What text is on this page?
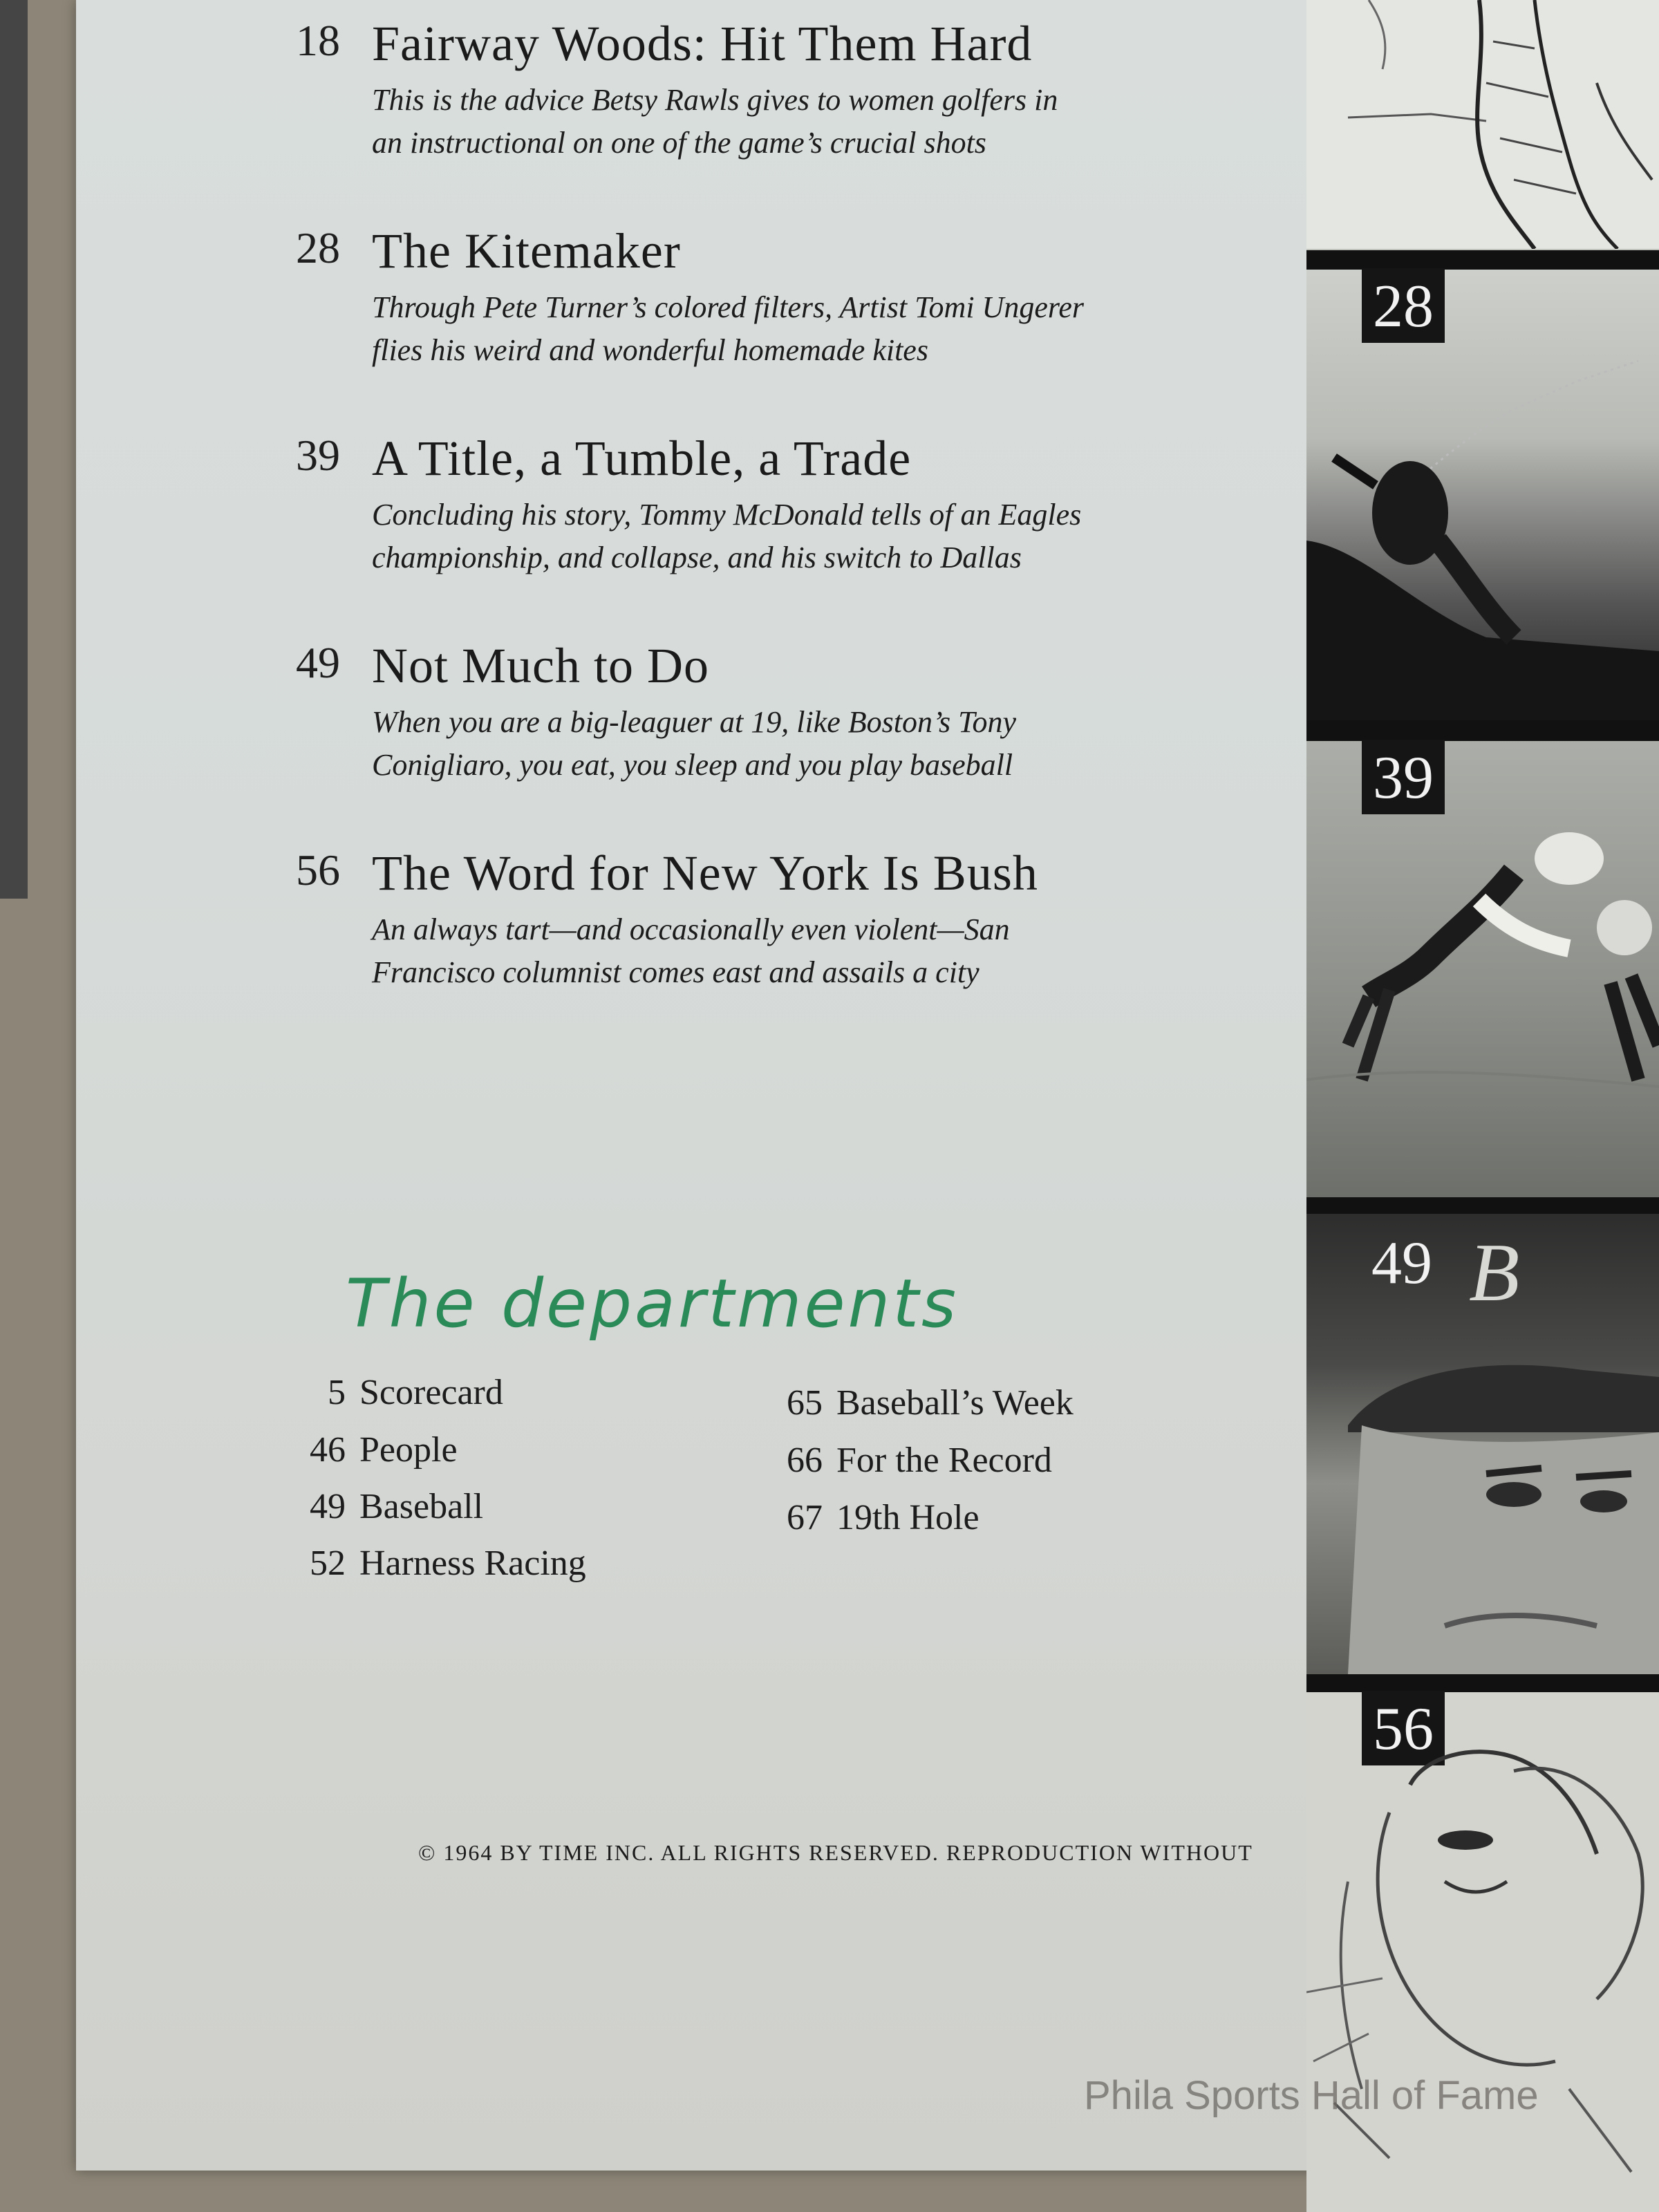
18 Fairway Woods: Hit Them Hard
This is the advice Betsy Rawls gives to women golfers in
an instructional on one of the game’s crucial shots
28 The Kitemaker
Through Pete Turner’s colored filters, Artist Tomi Ungerer
flies his weird and wonderful homemade kites
39 A Title, a Tumble, a Trade
Concluding his story, Tommy McDonald tells of an Eagles
championship, and collapse, and his switch to Dallas
49 Not Much to Do
When you are a big-leaguer at 19, like Boston’s Tony
Conigliaro, you eat, you sleep and you play baseball
56 The Word for New York Is Bush
An always tart—and occasionally even violent—San
Francisco columnist comes east and assails a city
The departments
5 Scorecard
46 People
49 Baseball
52 Harness Racing
65 Baseball’s Week
66 For the Record
67 19th Hole
© 1964 BY TIME INC. ALL RIGHTS RESERVED. REPRODUCTION WITHOUT
28
39
49 B
56
Phila Sports Hall of Fame
